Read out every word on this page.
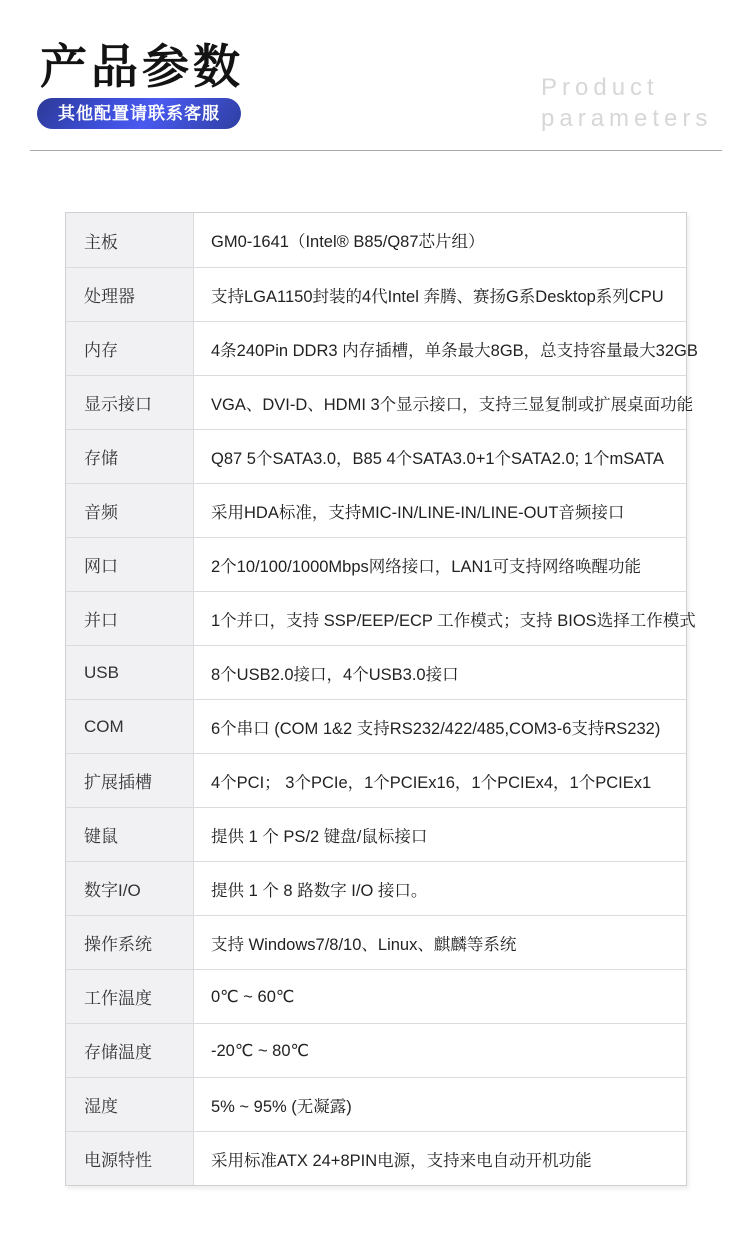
产品参数
其他配置请联系客服
Product
parameters
主板	GM0-1641（Intel® B85/Q87芯片组）
处理器	支持LGA1150封装的4代Intel 奔腾、赛扬G系Desktop系列CPU
内存	4条240Pin DDR3 内存插槽，单条最大8GB，总支持容量最大32GB
显示接口	VGA、DVI-D、HDMI 3个显示接口，支持三显复制或扩展桌面功能
存储	Q87 5个SATA3.0，B85 4个SATA3.0+1个SATA2.0; 1个mSATA
音频	采用HDA标准，支持MIC-IN/LINE-IN/LINE-OUT音频接口
网口	2个10/100/1000Mbps网络接口，LAN1可支持网络唤醒功能
并口	1个并口，支持 SSP/EEP/ECP 工作模式；支持 BIOS选择工作模式
USB	8个USB2.0接口，4个USB3.0接口
COM	6个串口 (COM 1&2 支持RS232/422/485,COM3-6支持RS232)
扩展插槽	4个PCI； 3个PCIe，1个PCIEx16，1个PCIEx4，1个PCIEx1
键鼠	提供 1 个 PS/2 键盘/鼠标接口
数字I/O	提供 1 个 8 路数字 I/O 接口。
操作系统	支持 Windows7/8/10、Linux、麒麟等系统
工作温度	0℃ ~ 60℃
存储温度	-20℃ ~ 80℃
湿度	5% ~ 95% (无凝露)
电源特性	采用标准ATX 24+8PIN电源，支持来电自动开机功能
